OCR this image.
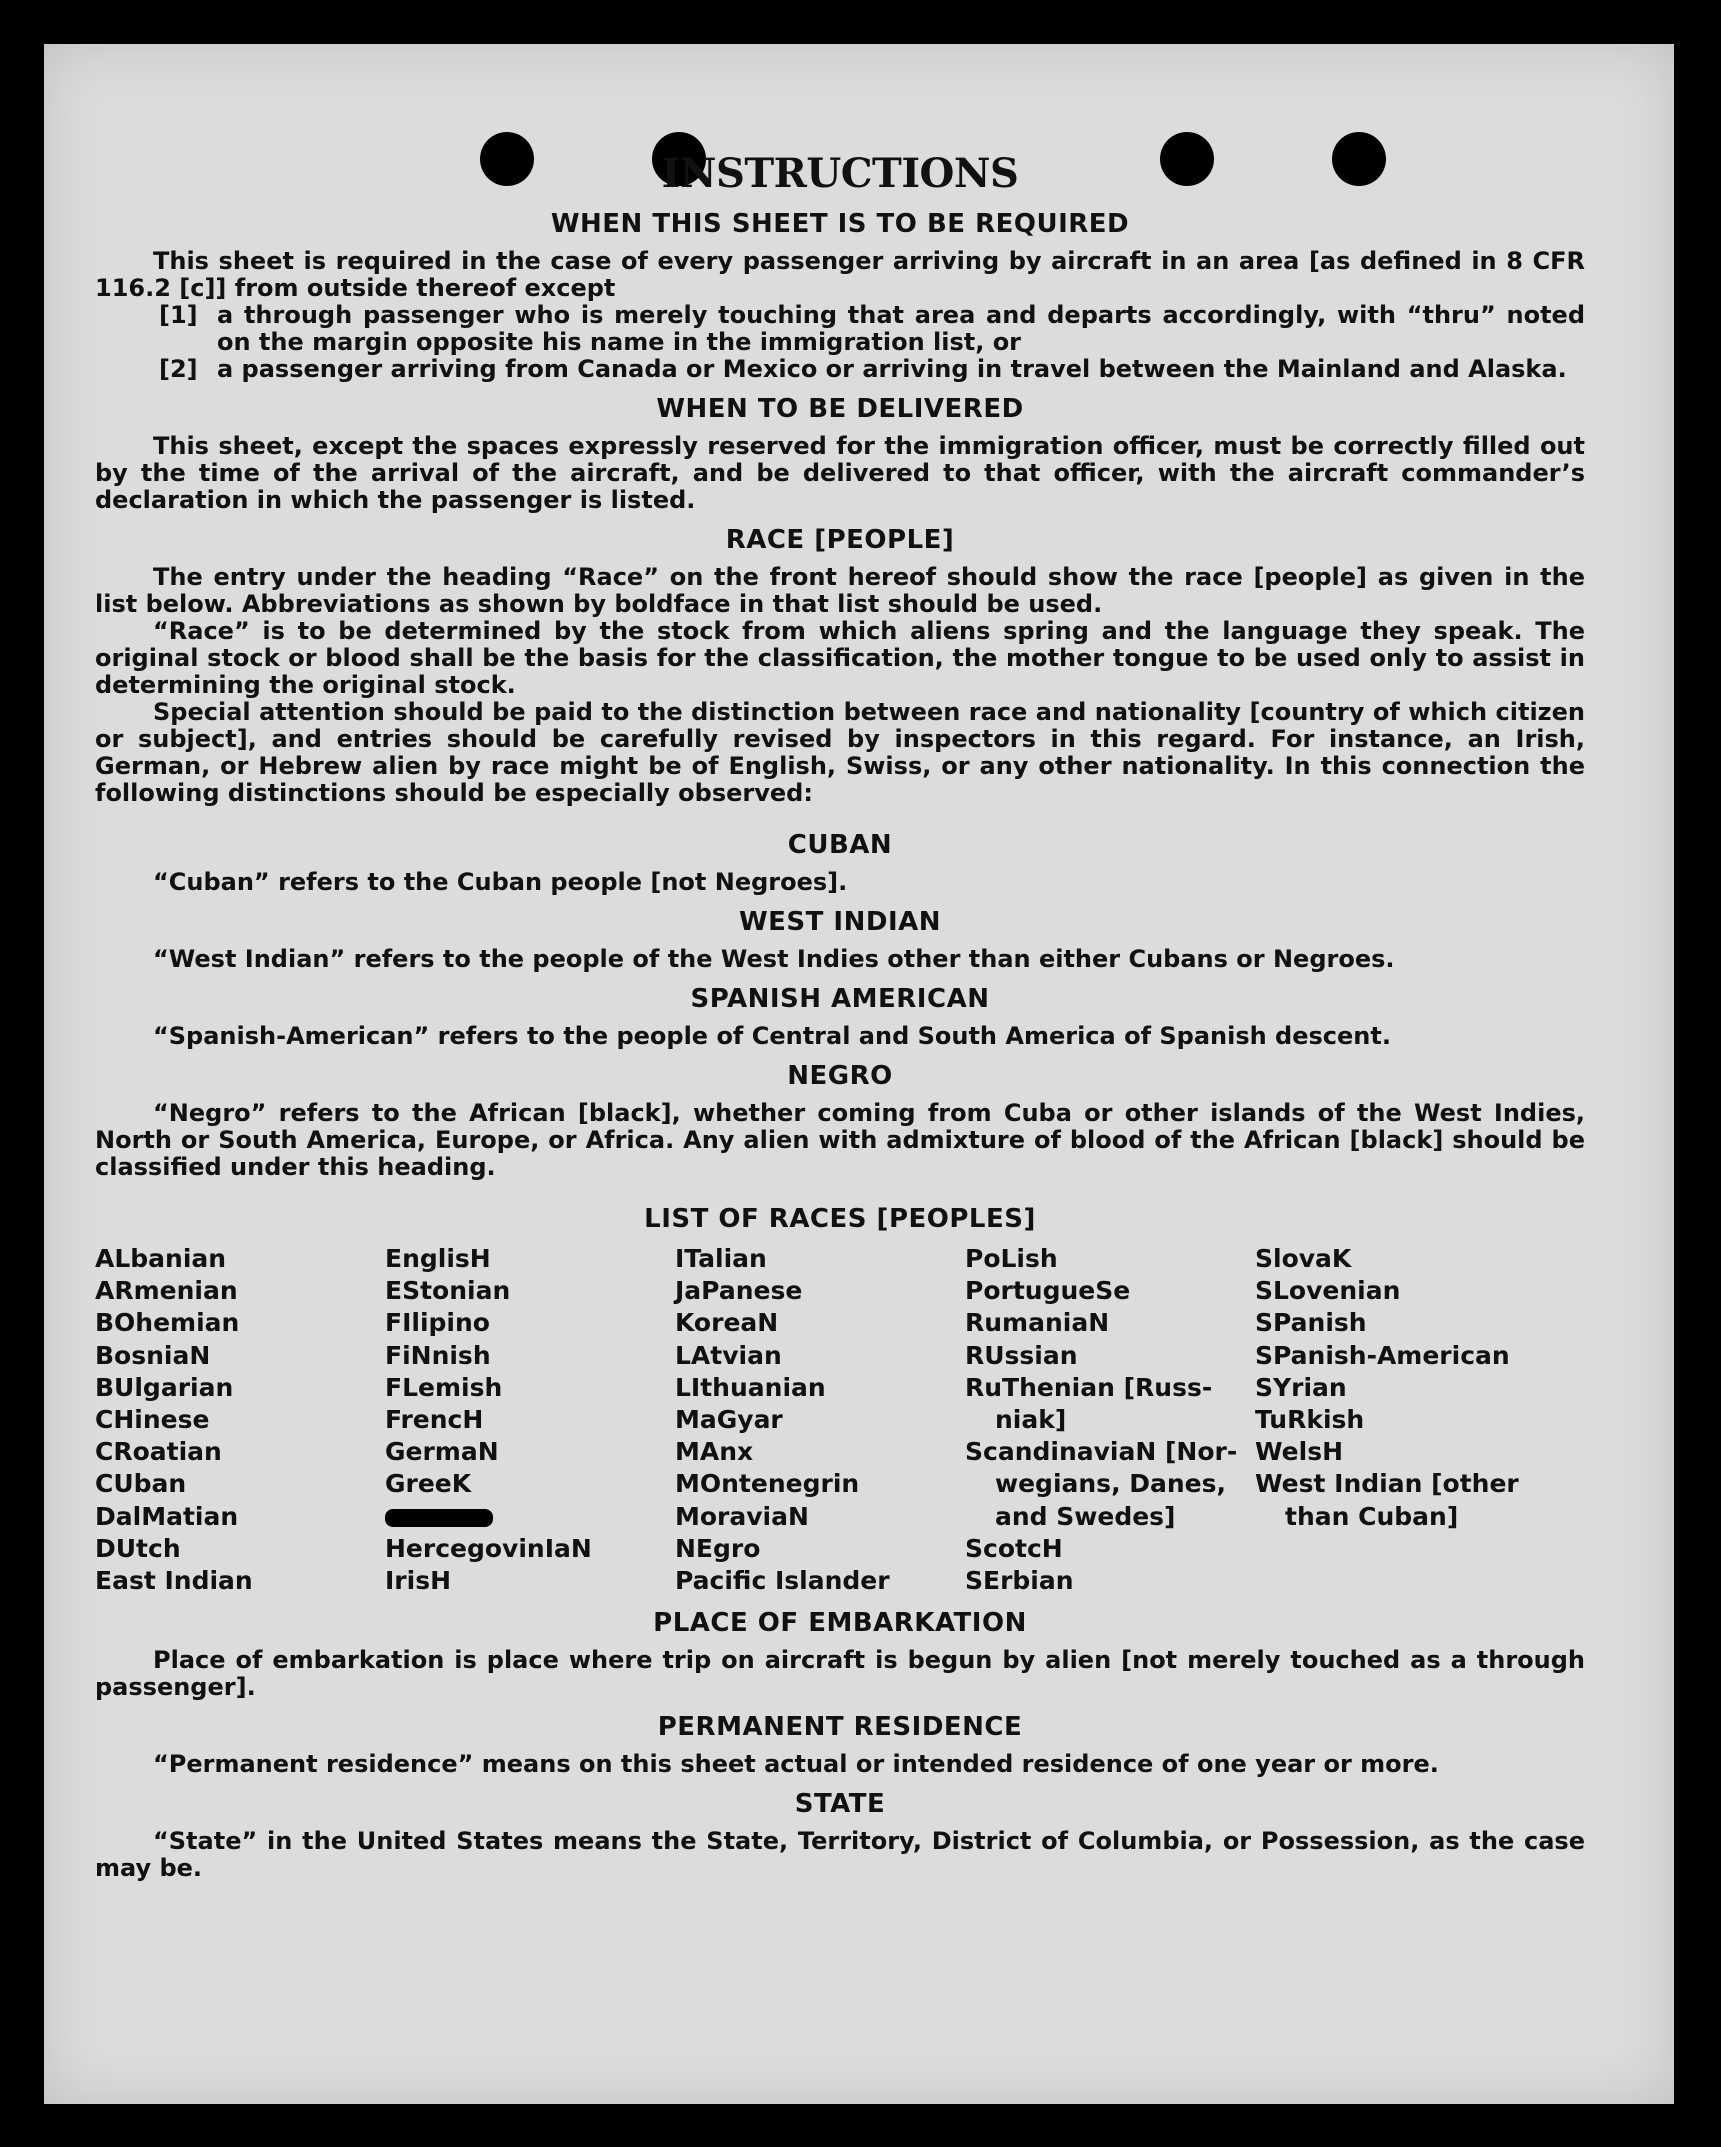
INSTRUCTIONS
WHEN THIS SHEET IS TO BE REQUIRED

This sheet is required in the case of every passenger arriving by aircraft in an area [as defined in 8 CFR 116.2 [c]] from outside thereof except

[1] a through passenger who is merely touching that area and departs accordingly, with “thru” noted on the margin opposite his name in the immigration list, or
[2] a passenger arriving from Canada or Mexico or arriving in travel between the Mainland and Alaska.
WHEN TO BE DELIVERED

This sheet, except the spaces expressly reserved for the immigration officer, must be correctly filled out by the time of the arrival of the aircraft, and be delivered to that officer, with the aircraft commander’s declaration in which the passenger is listed.

RACE [PEOPLE]

The entry under the heading “Race” on the front hereof should show the race [people] as given in the list below. Abbreviations as shown by boldface in that list should be used.

“Race” is to be determined by the stock from which aliens spring and the language they speak. The original stock or blood shall be the basis for the classification, the mother tongue to be used only to assist in determining the original stock.

Special attention should be paid to the distinction between race and nationality [country of which citizen or subject], and entries should be carefully revised by inspectors in this regard. For instance, an Irish, German, or Hebrew alien by race might be of English, Swiss, or any other nationality. In this connection the following distinctions should be especially observed:

CUBAN

“Cuban” refers to the Cuban people [not Negroes].

WEST INDIAN

“West Indian” refers to the people of the West Indies other than either Cubans or Negroes.

SPANISH AMERICAN

“Spanish-American” refers to the people of Central and South America of Spanish descent.

NEGRO

“Negro” refers to the African [black], whether coming from Cuba or other islands of the West Indies, North or South America, Europe, or Africa. Any alien with admixture of blood of the African [black] should be classified under this heading.

LIST OF RACES [PEOPLES]
ALbanian
ARmenian
BOhemian
BosniaN
BUlgarian
CHinese
CRoatian
CUban
DalMatian
DUtch
East Indian
EnglisH
EStonian
FIlipino
FiNnish
FLemish
FrencH
GermaN
GreeK
HercegovinIaN
IrisH
ITalian
JaPanese
KoreaN
LAtvian
LIthuanian
MaGyar
MAnx
MOntenegrin
MoraviaN
NEgro
Pacific Islander
PoLish
PortugueSe
RumaniaN
RUssian
RuThenian [Russ-
niak]
ScandinaviaN [Nor-
wegians, Danes,
and Swedes]
ScotcH
SErbian
SlovaK
SLovenian
SPanish
SPanish-American
SYrian
TuRkish
WelsH
West Indian [other
than Cuban]
PLACE OF EMBARKATION

Place of embarkation is place where trip on aircraft is begun by alien [not merely touched as a through passenger].

PERMANENT RESIDENCE

“Permanent residence” means on this sheet actual or intended residence of one year or more.

STATE

“State” in the United States means the State, Territory, District of Columbia, or Possession, as the case may be.
